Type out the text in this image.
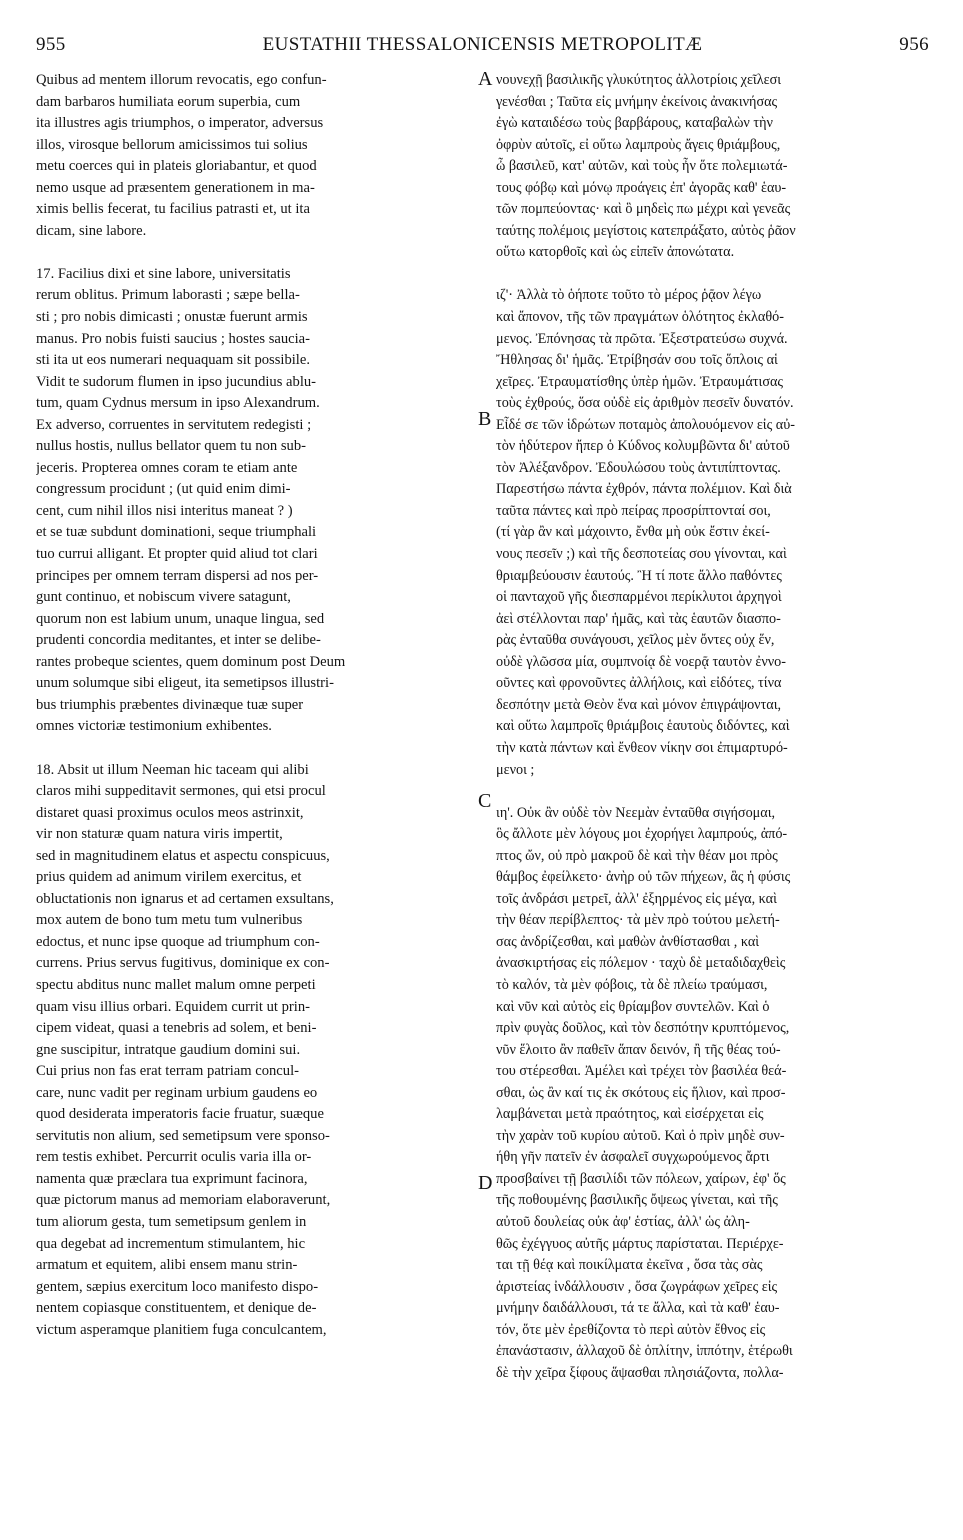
955	EUSTATHII THESSALONICENSIS METROPOLITÆ	956
Quibus ad mentem illorum revocatis, ego confun-
dam barbaros humiliata eorum superbia, cum
ita illustres agis triumphos, o imperator, adversus
illos, virosque bellorum amicissimos tui solius
metu coerces qui in plateis gloriabantur, et quod
nemo usque ad præsentem generationem in ma-
ximis bellis fecerat, tu facilius patrasti et, ut ita
dicam, sine labore.
17. Facilius dixi et sine labore, universitatis
rerum oblitus. Primum laborasti ; sæpe bella-
sti ; pro nobis dimicasti ; onustæ fuerunt armis
manus. Pro nobis fuisti saucius ; hostes saucia-
sti ita ut eos numerari nequaquam sit possibile.
Vidit te sudorum flumen in ipso jucundius ablu-
tum, quam Cydnus mersum in ipso Alexandrum.
Ex adverso, corruentes in servitutem redegisti ;
nullus hostis, nullus bellator quem tu non sub-
jeceris. Propterea omnes coram te etiam ante
congressum procidunt ; (ut quid enim dimi-
cent, cum nihil illos nisi interitus maneat ? )
et se tuæ subdunt dominationi, seque triumphali
tuo currui alligant. Et propter quid aliud tot clari
principes per omnem terram dispersi ad nos per-
gunt continuo, et nobiscum vivere satagunt,
quorum non est labium unum, unaque lingua, sed
prudenti concordia meditantes, et inter se delibe-
rantes probeque scientes, quem dominum post Deum
unum solumque sibi eligeut, ita semetipsos illustri-
bus triumphis præbentes divinæque tuæ super
omnes victoriæ testimonium exhibentes.
18. Absit ut illum Neeman hic taceam qui alibi
claros mihi suppeditavit sermones, qui etsi procul
distaret quasi proximus oculos meos astrinxit,
vir non staturæ quam natura viris impertit,
sed in magnitudinem elatus et aspectu conspicuus,
prius quidem ad animum virilem exercitus, et
obluctationis non ignarus et ad certamen exsultans,
mox autem de bono tum metu tum vulneribus
edoctus, et nunc ipse quoque ad triumphum con-
currens. Prius servus fugitivus, dominique ex con-
spectu abditus nunc mallet malum omne perpeti
quam visu illius orbari. Equidem currit ut prin-
cipem videat, quasi a tenebris ad solem, et beni-
gne suscipitur, intratque gaudium domini sui.
Cui prius non fas erat terram patriam concul-
care, nunc vadit per reginam urbium gaudens eo
quod desiderata imperatoris facie fruatur, suæque
servitutis non alium, sed semetipsum vere sponso-
rem testis exhibet. Percurrit oculis varia illa or-
namenta quæ præclara tua exprimunt facinora,
quæ pictorum manus ad memoriam elaboraverunt,
tum aliorum gesta, tum semetipsum genlem in
qua degebat ad incrementum stimulantem, hic
armatum et equitem, alibi ensem manu strin-
gentem, sæpius exercitum loco manifesto dispo-
nentem copiasque constituentem, et denique de-
victum asperamque planitiem fuga conculcantem,
νουνεχῇ βασιλικῆς γλυκύτητος ἀλλοτρίοις χεῖλεσι
γενέσθαι ; Ταῦτα εἰς μνήμην ἐκείνοις ἀνακινήσας
ἐγὼ καταιδέσω τοὺς βαρβάρους, καταβαλὼν τὴν
ὀφρὺν αὐτοῖς, εἰ οὕτω λαμπροὺς ἄγεις θριάμβους,
ὦ βασιλεῦ, κατ' αὐτῶν, καὶ τοὺς ἦν ὅτε πολεμιωτά-
τους φόβῳ καὶ μόνῳ προάγεις ἐπ' ἀγορᾶς καθ' ἑαυ-
τῶν πομπεύοντας· καὶ ὃ μηδεὶς πω μέχρι καὶ γενεᾶς
ταύτης πολέμοις μεγίστοις κατεπράξατο, αὐτὸς ῥᾶον
οὕτω κατορθοῖς καὶ ὡς εἰπεῖν ἀπονώτατα.
ιζ'· Ἀλλὰ τὸ ὁήποτε τοῦτο τὸ μέρος ῥᾷον λέγω
καὶ ἄπονον, τῆς τῶν πραγμάτων ὁλότητος ἐκλαθό-
μενος. Ἐπόνησας τὰ πρῶτα. Ἐξεστρατεύσω συχνά.
Ἤθλησας δι' ἡμᾶς. Ἐτρίβησάν σου τοῖς ὅπλοις αἱ
χεῖρες. Ἐτραυματίσθης ὑπὲρ ἡμῶν. Ἐτραυμάτισας
τοὺς ἐχθρούς, ὅσα οὐδὲ εἰς ἀριθμὸν πεσεῖν δυνατόν.
Εἶδέ σε τῶν ἱδρώτων ποταμὸς ἀπολουόμενον εἰς αὐ-
τὸν ἡδύτερον ἤπερ ὁ Κύδνος κολυμβῶντα δι' αὐτοῦ
τὸν Ἀλέξανδρον. Ἐδουλώσου τοὺς ἀντιπίπτοντας.
Παρεστήσω πάντα ἐχθρόν, πάντα πολέμιον. Καὶ διὰ
ταῦτα πάντες καὶ πρὸ πείρας προσρίπτονταί σοι,
(τί γὰρ ἂν καὶ μάχοιντο, ἔνθα μὴ οὐκ ἔστιν ἐκεί-
νους πεσεῖν ;) καὶ τῆς δεσποτείας σου γίνονται, καὶ
θριαμβεύουσιν ἑαυτούς. Ἢ τί ποτε ἄλλο παθόντες
οἱ πανταχοῦ γῆς διεσπαρμένοι περίκλυτοι ἀρχηγοὶ
ἀεὶ στέλλονται παρ' ἡμᾶς, καὶ τὰς ἑαυτῶν διασπο-
ρὰς ἐνταῦθα συνάγουσι, χεῖλος μὲν ὄντες οὐχ ἕν,
οὐδὲ γλῶσσα μία, συμπνοίᾳ δὲ νοερᾷ ταυτὸν ἐννο-
οῦντες καὶ φρονοῦντες ἀλλήλοις, καὶ εἰδότες, τίνα
δεσπότην μετὰ Θεὸν ἕνα καὶ μόνον ἐπιγράψονται,
καὶ οὕτω λαμπροῖς θριάμβοις ἑαυτοὺς διδόντες, καὶ
τὴν κατὰ πάντων καὶ ἔνθεον νίκην σοι ἐπιμαρτυρό-
μενοι ;
ιη'. Οὐκ ἂν οὐδὲ τὸν Νεεμὰν ἐνταῦθα σιγήσομαι,
ὃς ἄλλοτε μὲν λόγους μοι ἐχορήγει λαμπρούς, ἀπό-
πτος ὤν, οὐ πρὸ μακροῦ δὲ καὶ τὴν θέαν μοι πρὸς
θάμβος ἐφείλκετο· ἀνὴρ οὐ τῶν πήχεων, ἃς ἡ φύσις
τοῖς ἀνδράσι μετρεῖ, ἀλλ' ἐξηρμένος εἰς μέγα, καὶ
τὴν θέαν περίβλεπτος· τὰ μὲν πρὸ τούτου μελετή-
σας ἀνδρίζεσθαι, καὶ μαθὼν ἀνθίστασθαι , καὶ
ἀνασκιρτήσας εἰς πόλεμον · ταχὺ δὲ μεταδιδαχθεὶς
τὸ καλόν, τὰ μὲν φόβοις, τὰ δὲ πλείω τραύμασι,
καὶ νῦν καὶ αὐτὸς εἰς θρίαμβον συντελῶν. Καὶ ὁ
πρὶν φυγὰς δοῦλος, καὶ τὸν δεσπότην κρυπτόμενος,
νῦν ἕλοιτο ἂν παθεῖν ἅπαν δεινόν, ἢ τῆς θέας τού-
του στέρεσθαι. Ἀμέλει καὶ τρέχει τὸν βασιλέα θεά-
σθαι, ὡς ἂν καί τις ἐκ σκότους εἰς ἥλιον, καὶ προσ-
λαμβάνεται μετὰ πραότητος, καὶ εἰσέρχεται εἰς
τὴν χαρὰν τοῦ κυρίου αὐτοῦ. Καὶ ὁ πρὶν μηδὲ συν-
ήθη γῆν πατεῖν ἐν ἀσφαλεῖ συγχωρούμενος ἄρτι
προσβαίνει τῇ βασιλίδι τῶν πόλεων, χαίρων, ἐφ' ὅς
τῆς ποθουμένης βασιλικῆς ὄψεως γίνεται, καὶ τῆς
αὐτοῦ δουλείας οὐκ ἀφ' ἑστίας, ἀλλ' ὡς ἀλη-
θῶς ἐχέγγυος αὐτῆς μάρτυς παρίσταται. Περιέρχε-
ται τῇ θέᾳ καὶ ποικίλματα ἐκεῖνα , ὅσα τὰς σὰς
ἀριστείας ἰνδάλλουσιν , ὅσα ζωγράφων χεῖρες εἰς
μνήμην δαιδάλλουσι, τά τε ἄλλα, καὶ τὰ καθ' ἑαυ-
τόν, ὅτε μὲν ἐρεθίζοντα τὸ περὶ αὐτὸν ἔθνος εἰς
ἐπανάστασιν, ἀλλαχοῦ δὲ ὁπλίτην, ἱππότην, ἑτέρωθι
δὲ τὴν χεῖρα ξίφους ἅψασθαι πλησιάζοντα, πολλα-
A
B
C
D
